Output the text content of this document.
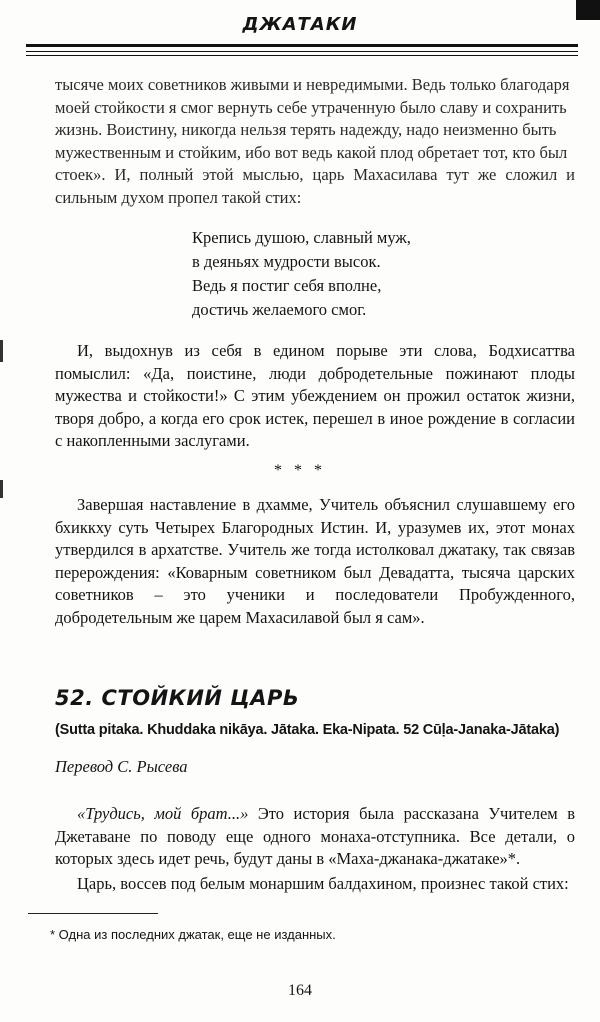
ДЖАТАКИ
тысяче моих советников живыми и невредимыми. Ведь только благодаря
моей стойкости я смог вернуть себе утраченную было славу и сохранить
жизнь. Воистину, никогда нельзя терять надежду, надо неизменно быть
мужественным и стойким, ибо вот ведь какой плод обретает тот, кто был
стоек». И, полный этой мыслью, царь Махасилава тут же сложил и сильным духом пропел такой стих:
Крепись душою, славный муж,
в деяньях мудрости высок.
Ведь я постиг себя вполне,
достичь желаемого смог.

И, выдохнув из себя в едином порыве эти слова, Бодхисаттва помыслил: «Да, поистине, люди добродетельные пожинают плоды мужества и стойкости!» С этим убеждением он прожил остаток жизни, творя добро, а когда его срок истек, перешел в иное рождение в согласии с накопленными заслугами.

* * *

Завершая наставление в дхамме, Учитель объяснил слушавшему его бхиккху суть Четырех Благородных Истин. И, уразумев их, этот монах утвердился в архатстве. Учитель же тогда истолковал джатаку, так связав перерождения: «Коварным советником был Девадатта, тысяча царских советников – это ученики и последователи Пробужденного, добродетельным же царем Махасилавой был я сам».

52. СТОЙКИЙ ЦАРЬ
(Sutta pitaka. Khuddaka nikāya. Jātaka. Eka-Nipata. 52 Cūḷa-Janaka-Jātaka)
Перевод С. Рысева

«Трудись, мой брат...» Это история была рассказана Учителем в Джетаване по поводу еще одного монаха-отступника. Все детали, о которых здесь идет речь, будут даны в «Маха-джанака-джатаке»*.

Царь, воссев под белым монаршим балдахином, произнес такой стих:

* Одна из последних джатак, еще не изданных.
164
